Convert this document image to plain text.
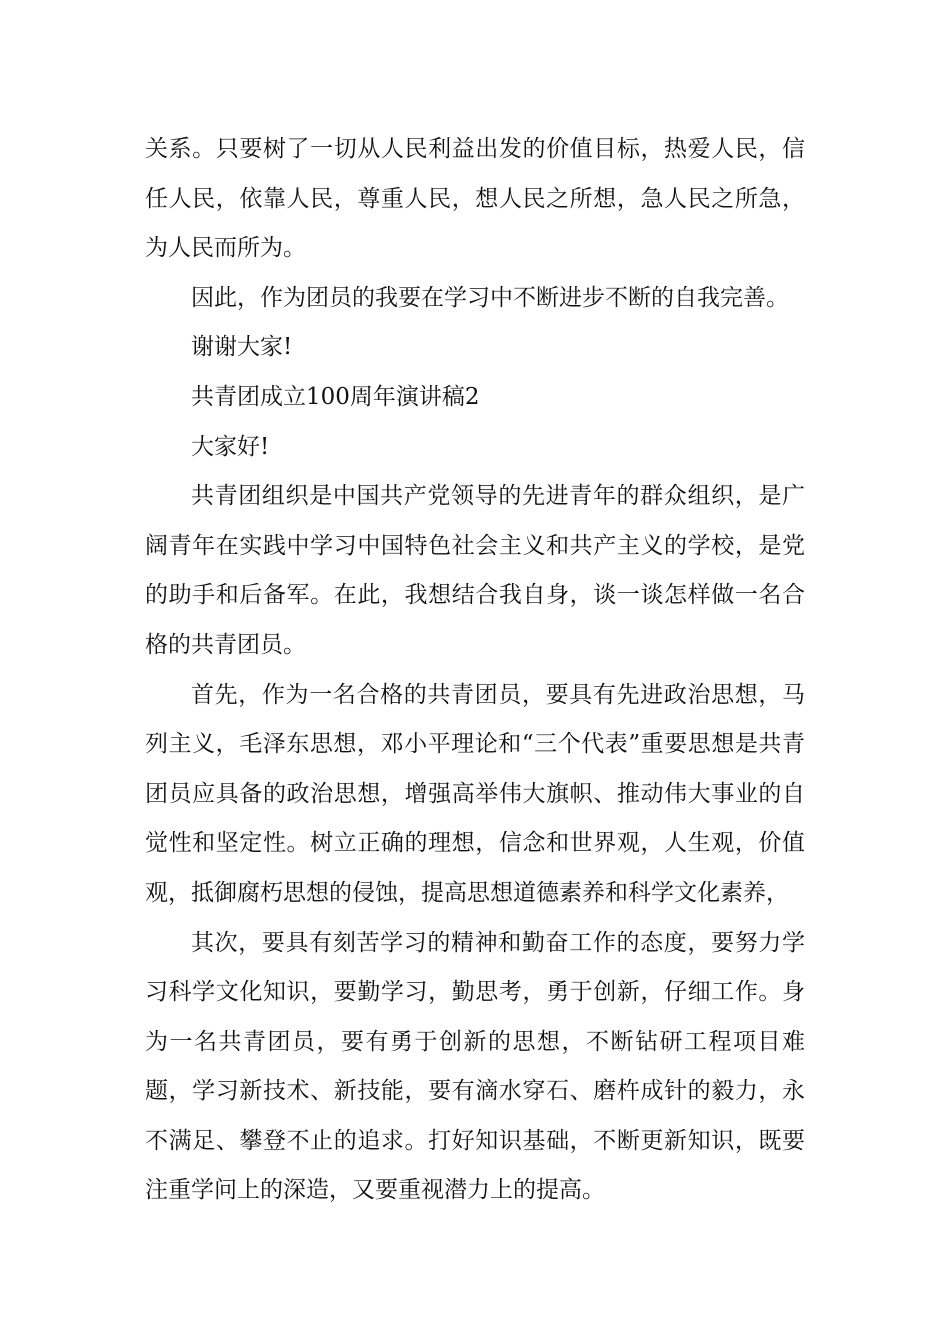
关系。只要树了一切从人民利益出发的价值目标，热爱人民，信任人民，依靠人民，尊重人民，想人民之所想，急人民之所急，为人民而所为。

因此，作为团员的我要在学习中不断进步不断的自我完善。

谢谢大家!

共青团成立100周年演讲稿2

大家好!

共青团组织是中国共产党领导的先进青年的群众组织，是广阔青年在实践中学习中国特色社会主义和共产主义的学校，是党的助手和后备军。在此，我想结合我自身，谈一谈怎样做一名合格的共青团员。

首先，作为一名合格的共青团员，要具有先进政治思想，马列主义，毛泽东思想，邓小平理论和“三个代表”重要思想是共青团员应具备的政治思想，增强高举伟大旗帜、推动伟大事业的自觉性和坚定性。树立正确的理想，信念和世界观，人生观，价值观，抵御腐朽思想的侵蚀，提高思想道德素养和科学文化素养，

其次，要具有刻苦学习的精神和勤奋工作的态度，要努力学习科学文化知识，要勤学习，勤思考，勇于创新，仔细工作。身为一名共青团员，要有勇于创新的思想，不断钻研工程项目难题，学习新技术、新技能，要有滴水穿石、磨杵成针的毅力，永不满足、攀登不止的追求。打好知识基础，不断更新知识，既要注重学问上的深造，又要重视潜力上的提高。
